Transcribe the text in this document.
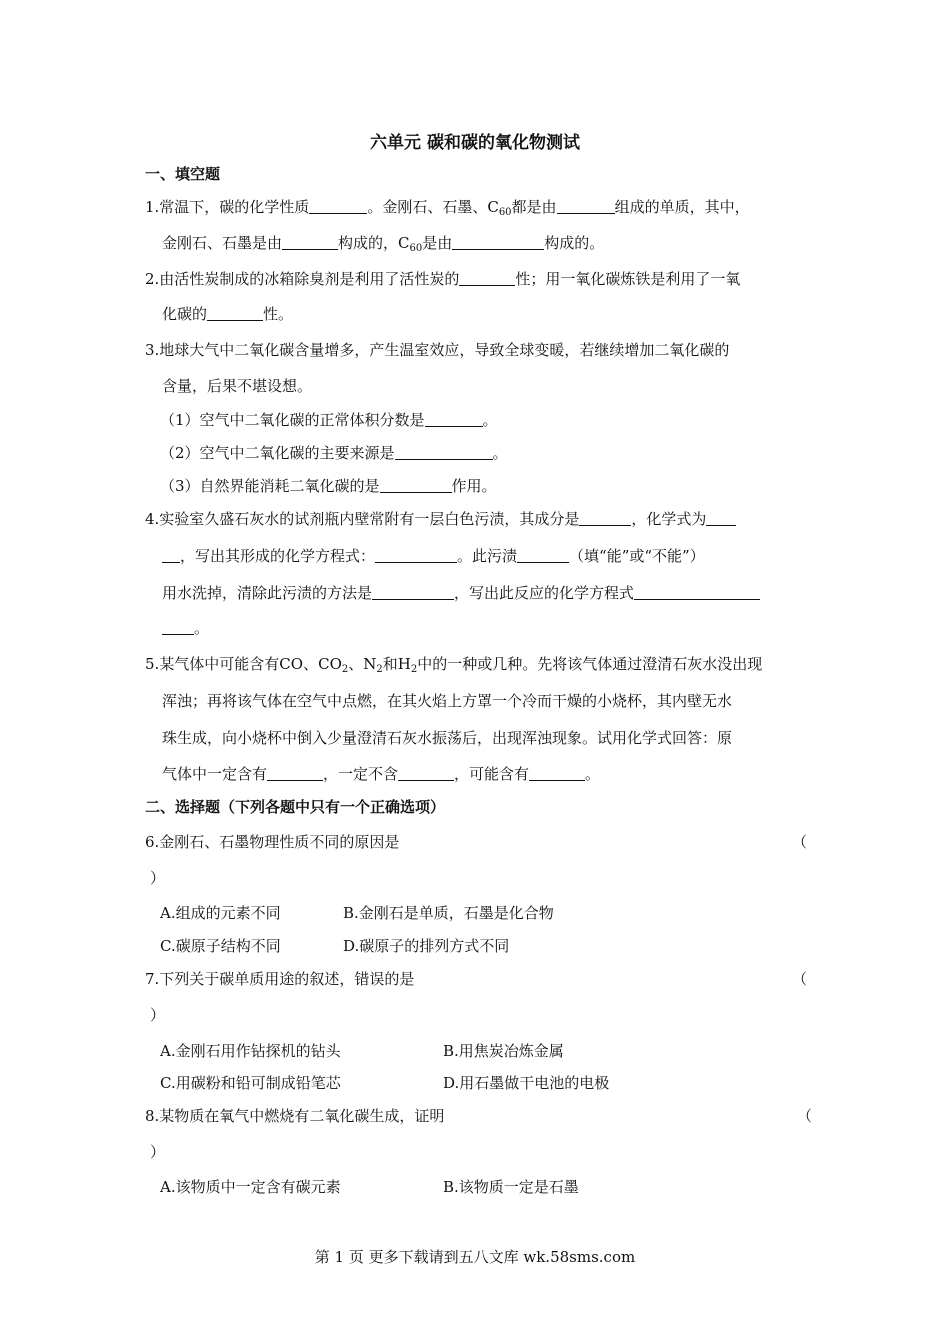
六单元 碳和碳的氧化物测试
一、填空题
1.常温下，碳的化学性质	。金刚石、石墨、$C_{60}$都是由	组成的单质，其中，
金刚石、石墨是由	构成的，$C_{60}$是由	构成的。
2.由活性炭制成的冰箱除臭剂是利用了活性炭的	性；用一氧化碳炼铁是利用了一氧
化碳的	性。
3.地球大气中二氧化碳含量增多，产生温室效应，导致全球变暖，若继续增加二氧化碳的
含量，后果不堪设想。
（1）空气中二氧化碳的正常体积分数是	。
（2）空气中二氧化碳的主要来源是	。
（3）自然界能消耗二氧化碳的是	作用。
4.实验室久盛石灰水的试剂瓶内壁常附有一层白色污渍，其成分是	，化学式为
，写出其形成的化学方程式：	。此污渍	（填“能”或“不能”）
用水洗掉，清除此污渍的方法是	，写出此反应的化学方程式
。
5.某气体中可能含有CO、$CO_2$、$N_2$和$H_2$中的一种或几种。先将该气体通过澄清石灰水没出现
浑浊；再将该气体在空气中点燃，在其火焰上方罩一个冷而干燥的小烧杯，其内壁无水
珠生成，向小烧杯中倒入少量澄清石灰水振荡后，出现浑浊现象。试用化学式回答：原
气体中一定含有	，一定不含	，可能含有	。
二、选择题（下列各题中只有一个正确选项）
6.金刚石、石墨物理性质不同的原因是	（
）
A.组成的元素不同	B.金刚石是单质，石墨是化合物
C.碳原子结构不同	D.碳原子的排列方式不同
7.下列关于碳单质用途的叙述，错误的是	（
）
A.金刚石用作钻探机的钻头	B.用焦炭冶炼金属
C.用碳粉和铅可制成铅笔芯	D.用石墨做干电池的电极
8.某物质在氧气中燃烧有二氧化碳生成，证明	（
）
A.该物质中一定含有碳元素	B.该物质一定是石墨
第 1 页 更多下载请到五八文库 wk.58sms.com
